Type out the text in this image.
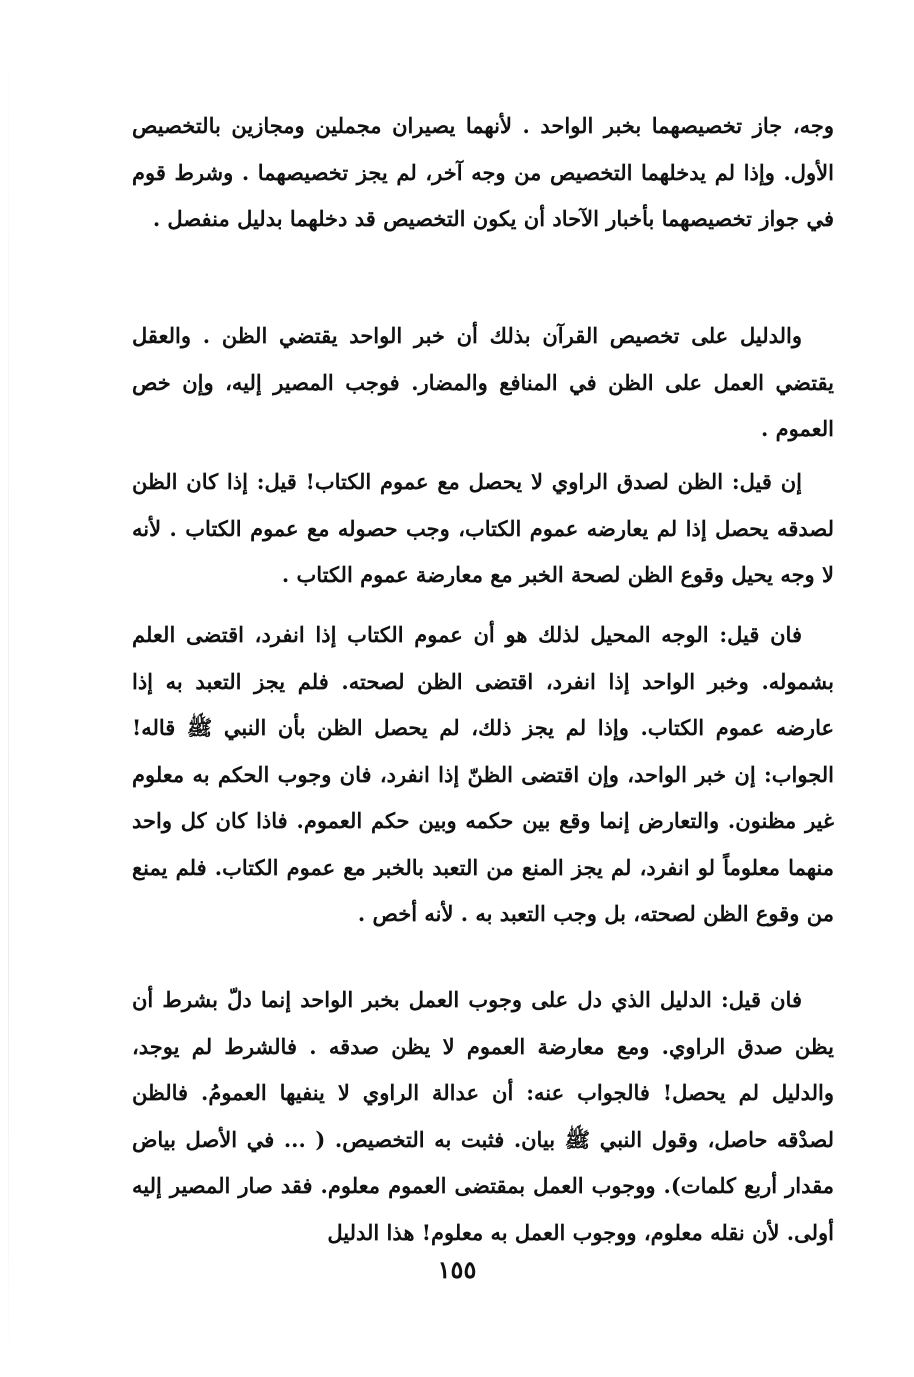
وجه، جاز تخصيصهما بخبر الواحد . لأنهما يصيران مجملين ومجازين بالتخصيص الأول. وإذا لم يدخلهما التخصيص من وجه آخر، لم يجز تخصيصهما . وشرط قوم في جواز تخصيصهما بأخبار الآحاد أن يكون التخصيص قد دخلهما بدليل منفصل .

والدليل على تخصيص القرآن بذلك أن خبر الواحد يقتضي الظن . والعقل يقتضي العمل على الظن في المنافع والمضار. فوجب المصير إليه، وإن خص العموم .

إن قيل: الظن لصدق الراوي لا يحصل مع عموم الكتاب! قيل: إذا كان الظن لصدقه يحصل إذا لم يعارضه عموم الكتاب، وجب حصوله مع عموم الكتاب . لأنه لا وجه يحيل وقوع الظن لصحة الخبر مع معارضة عموم الكتاب .

فان قيل: الوجه المحيل لذلك هو أن عموم الكتاب إذا انفرد، اقتضى العلم بشموله. وخبر الواحد إذا انفرد، اقتضى الظن لصحته. فلم يجز التعبد به إذا عارضه عموم الكتاب. وإذا لم يجز ذلك، لم يحصل الظن بأن النبي ﷺ قاله! الجواب: إن خبر الواحد، وإن اقتضى الظنّ إذا انفرد، فان وجوب الحكم به معلوم غير مظنون. والتعارض إنما وقع بين حكمه وبين حكم العموم. فاذا كان كل واحد منهما معلوماً لو انفرد، لم يجز المنع من التعبد بالخبر مع عموم الكتاب. فلم يمنع من وقوع الظن لصحته، بل وجب التعبد به . لأنه أخص .

فان قيل: الدليل الذي دل على وجوب العمل بخبر الواحد إنما دلّ بشرط أن يظن صدق الراوي. ومع معارضة العموم لا يظن صدقه . فالشرط لم يوجد، والدليل لم يحصل! فالجواب عنه: أن عدالة الراوي لا ينفيها العمومُ. فالظن لصدْقه حاصل، وقول النبي ﷺ بيان. فثبت به التخصيص. ( ... في الأصل بياض مقدار أربع كلمات). ووجوب العمل بمقتضى العموم معلوم. فقد صار المصير إليه أولى. لأن نقله معلوم، ووجوب العمل به معلوم! هذا الدليل

١٥٥
